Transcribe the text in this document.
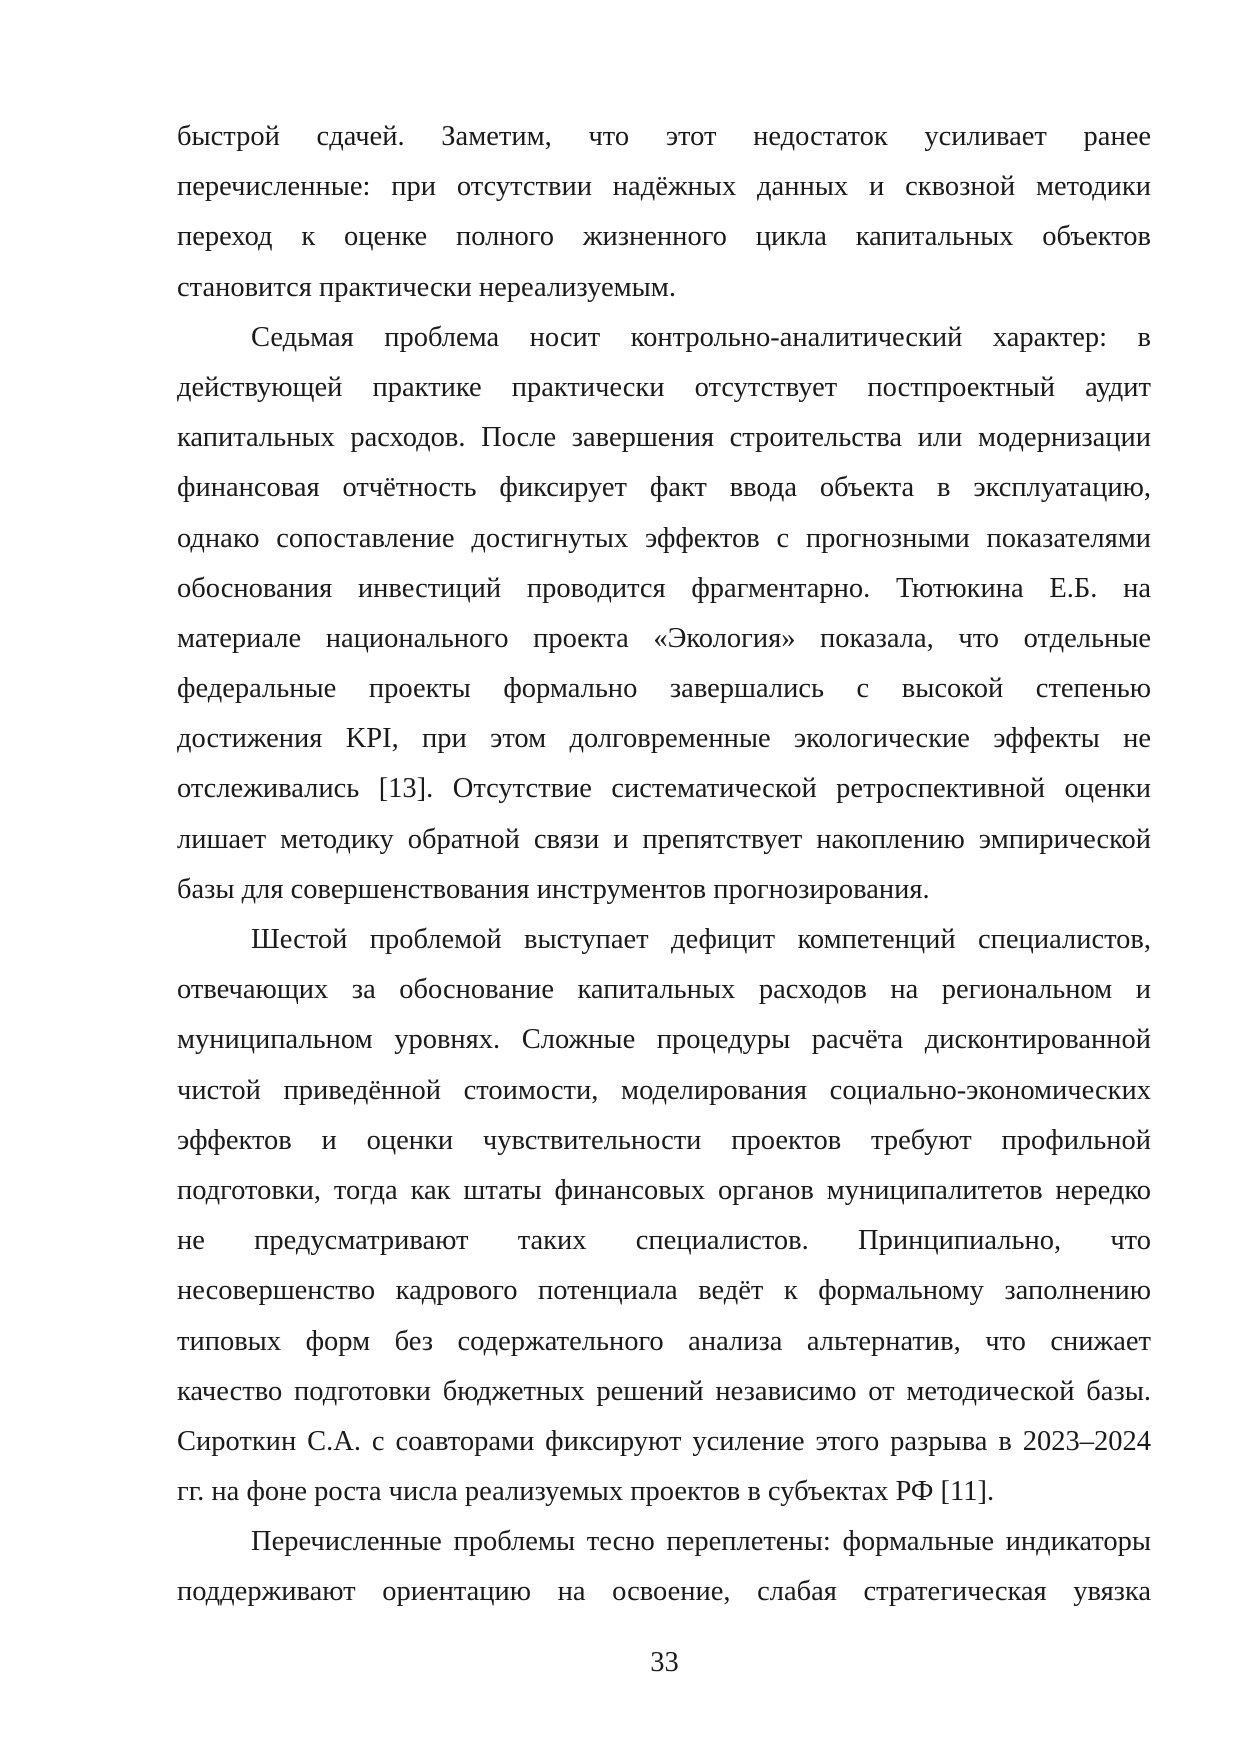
быстрой сдачей. Заметим, что этот недостаток усиливает ранее
перечисленные: при отсутствии надёжных данных и сквозной методики
переход к оценке полного жизненного цикла капитальных объектов
становится практически нереализуемым.
Седьмая проблема носит контрольно-аналитический характер: в
действующей практике практически отсутствует постпроектный аудит
капитальных расходов. После завершения строительства или модернизации
финансовая отчётность фиксирует факт ввода объекта в эксплуатацию,
однако сопоставление достигнутых эффектов с прогнозными показателями
обоснования инвестиций проводится фрагментарно. Тютюкина Е.Б. на
материале национального проекта «Экология» показала, что отдельные
федеральные проекты формально завершались с высокой степенью
достижения KPI, при этом долговременные экологические эффекты не
отслеживались [13]. Отсутствие систематической ретроспективной оценки
лишает методику обратной связи и препятствует накоплению эмпирической
базы для совершенствования инструментов прогнозирования.
Шестой проблемой выступает дефицит компетенций специалистов,
отвечающих за обоснование капитальных расходов на региональном и
муниципальном уровнях. Сложные процедуры расчёта дисконтированной
чистой приведённой стоимости, моделирования социально-экономических
эффектов и оценки чувствительности проектов требуют профильной
подготовки, тогда как штаты финансовых органов муниципалитетов нередко
не предусматривают таких специалистов. Принципиально, что
несовершенство кадрового потенциала ведёт к формальному заполнению
типовых форм без содержательного анализа альтернатив, что снижает
качество подготовки бюджетных решений независимо от методической базы.
Сироткин С.А. с соавторами фиксируют усиление этого разрыва в 2023–2024
гг. на фоне роста числа реализуемых проектов в субъектах РФ [11].
Перечисленные проблемы тесно переплетены: формальные индикаторы
поддерживают ориентацию на освоение, слабая стратегическая увязка
33
